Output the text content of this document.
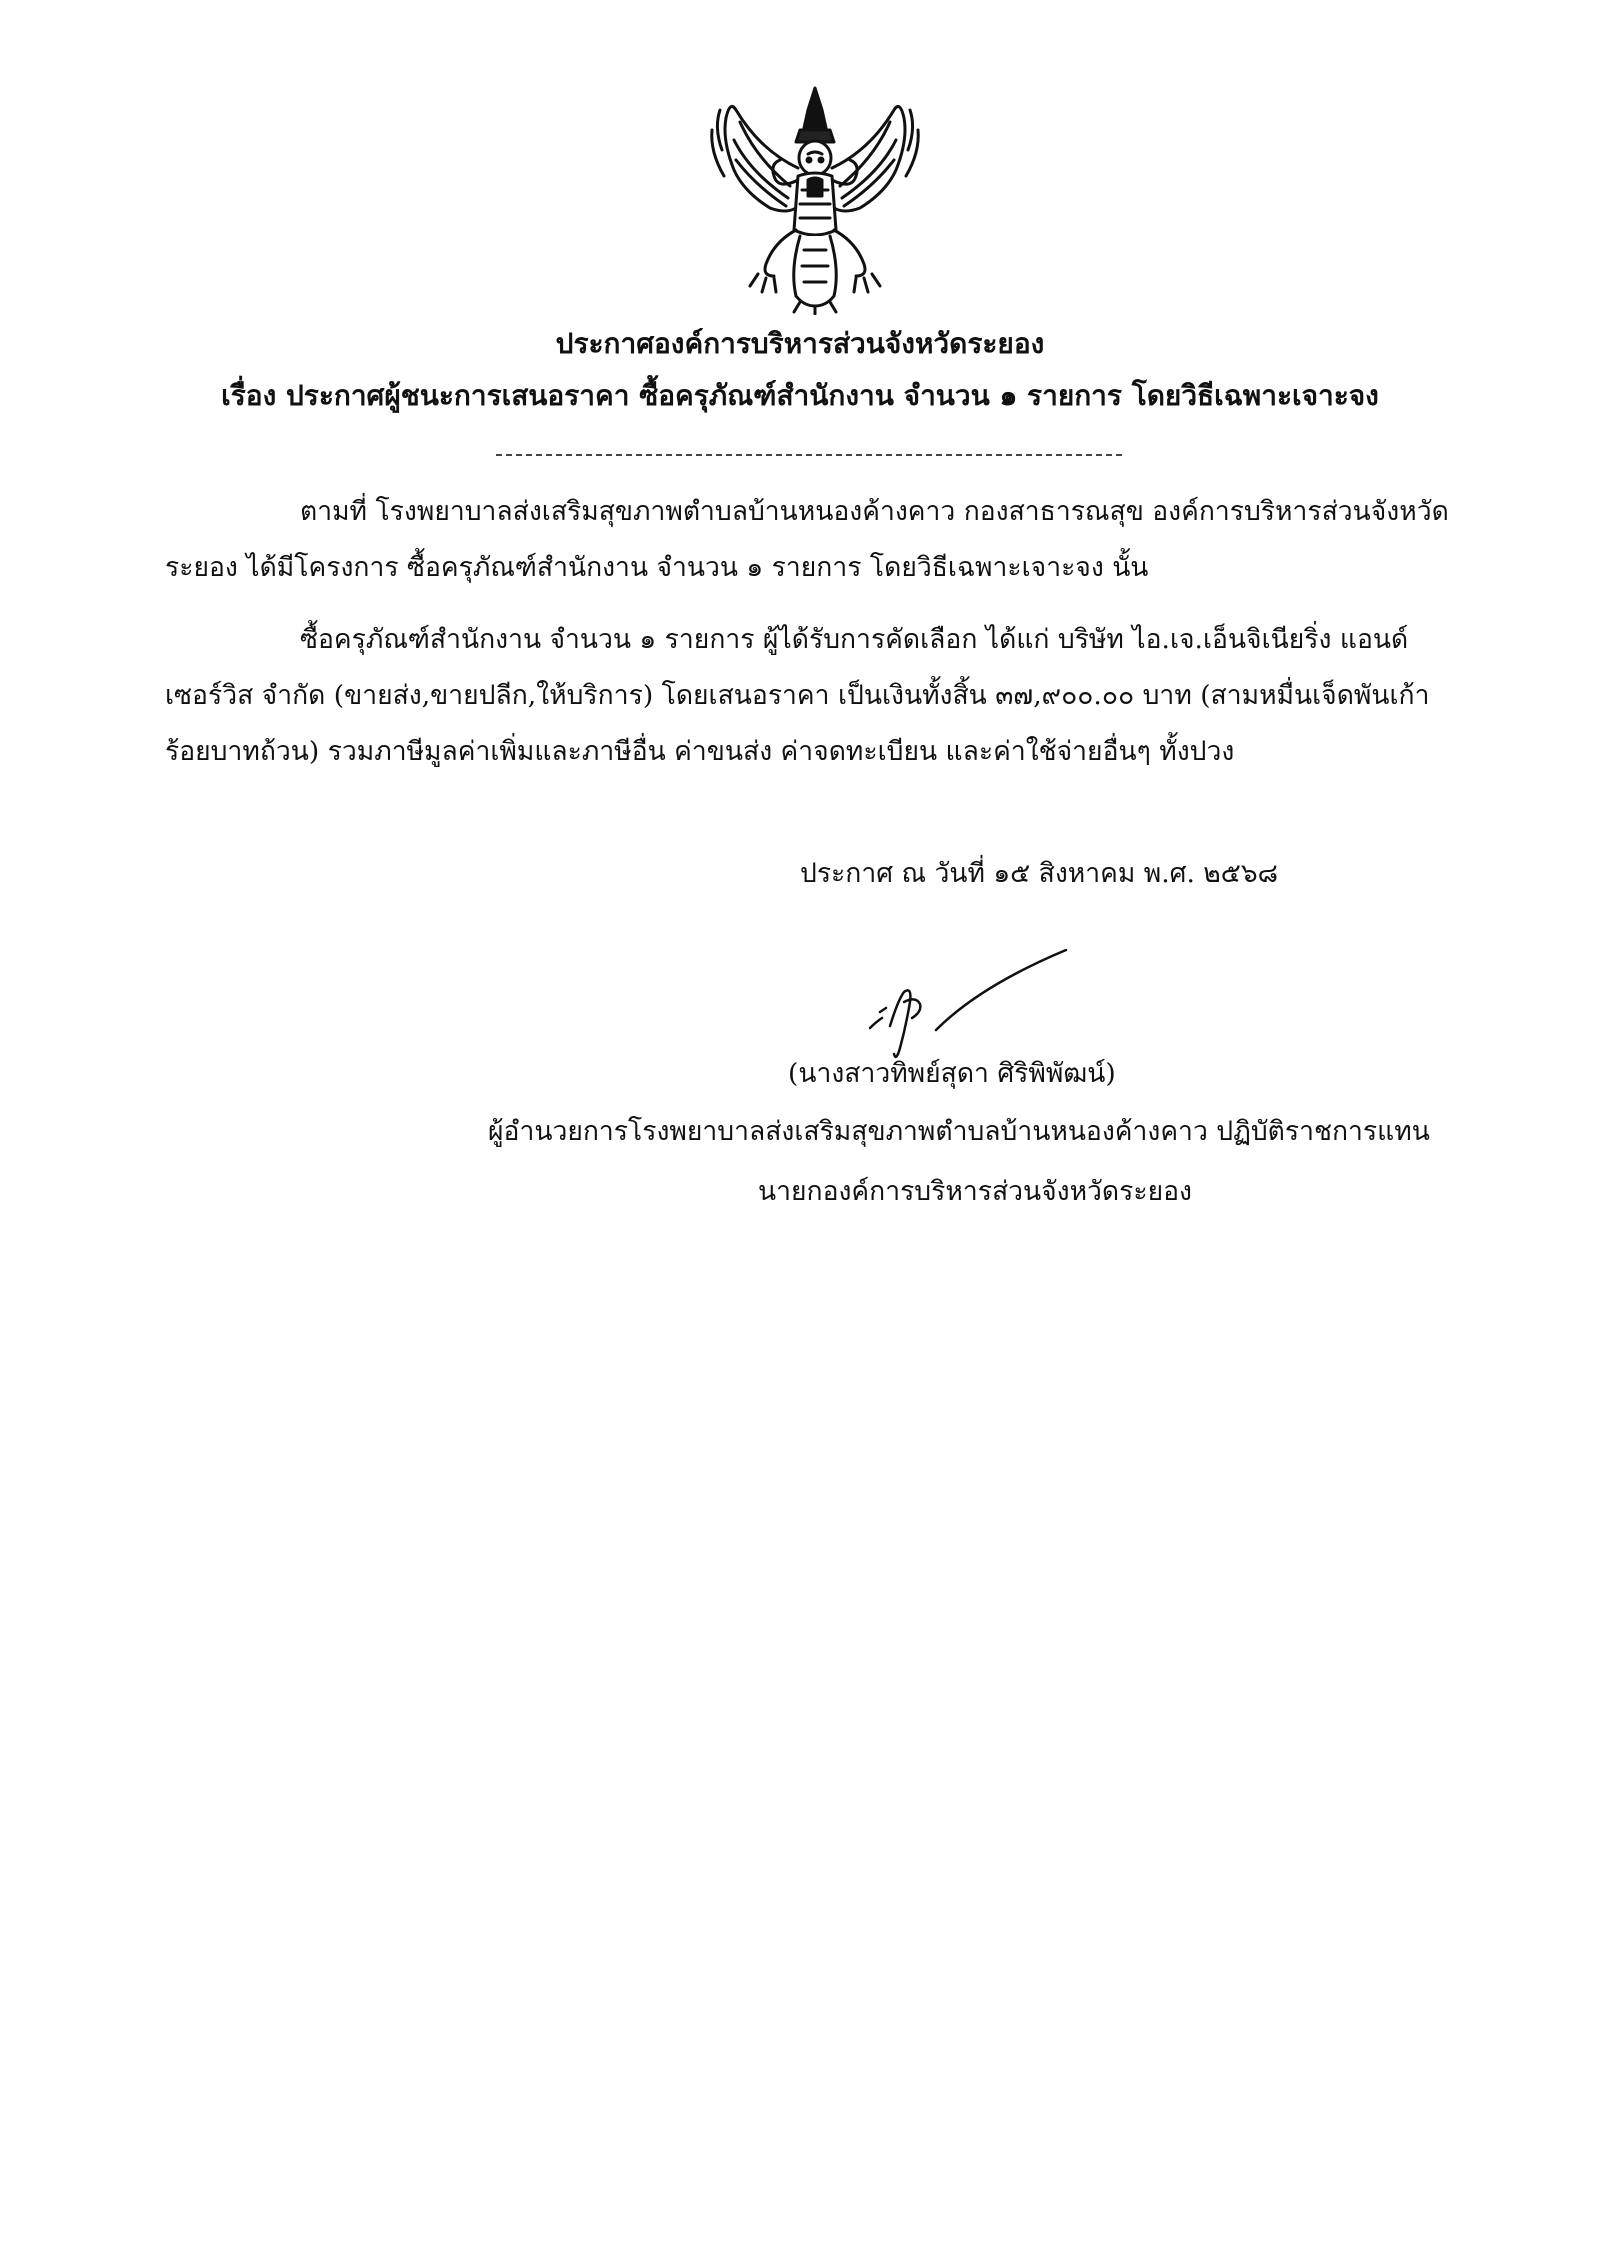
ประกาศองค์การบริหารส่วนจังหวัดระยอง
เรื่อง ประกาศผู้ชนะการเสนอราคา ซื้อครุภัณฑ์สำนักงาน จำนวน ๑ รายการ โดยวิธีเฉพาะเจาะจง
ตามที่ โรงพยาบาลส่งเสริมสุขภาพตำบลบ้านหนองค้างคาว กองสาธารณสุข องค์การบริหารส่วนจังหวัด
ระยอง ได้มีโครงการ ซื้อครุภัณฑ์สำนักงาน จำนวน ๑ รายการ โดยวิธีเฉพาะเจาะจง นั้น
ซื้อครุภัณฑ์สำนักงาน จำนวน ๑ รายการ ผู้ได้รับการคัดเลือก ได้แก่ บริษัท ไอ.เจ.เอ็นจิเนียริ่ง แอนด์
เซอร์วิส จำกัด (ขายส่ง,ขายปลีก,ให้บริการ) โดยเสนอราคา เป็นเงินทั้งสิ้น ๓๗,๙๐๐.๐๐ บาท (สามหมื่นเจ็ดพันเก้า
ร้อยบาทถ้วน) รวมภาษีมูลค่าเพิ่มและภาษีอื่น ค่าขนส่ง ค่าจดทะเบียน และค่าใช้จ่ายอื่นๆ ทั้งปวง
ประกาศ ณ วันที่ ๑๕ สิงหาคม พ.ศ. ๒๕๖๘
(นางสาวทิพย์สุดา ศิริพิพัฒน์)
ผู้อำนวยการโรงพยาบาลส่งเสริมสุขภาพตำบลบ้านหนองค้างคาว ปฏิบัติราชการแทน
นายกองค์การบริหารส่วนจังหวัดระยอง
